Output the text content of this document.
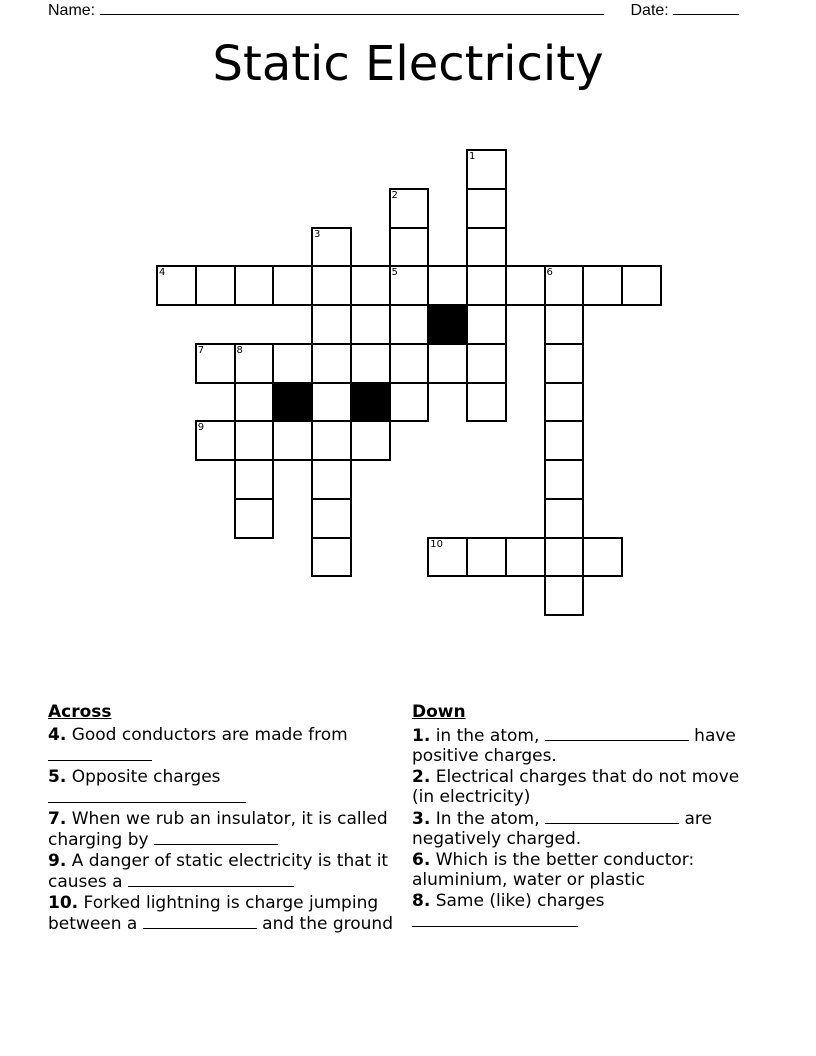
Name:	Date:
Static Electricity
1
2
3
4	5	6
7	8
9
10
Across
4. Good conductors are made from

5. Opposite charges

7. When we rub an insulator, it is called charging by
9. A danger of static electricity is that it causes a
10. Forked lightning is charge jumping between a	and the ground
Down
1. in the atom,	have positive charges.
2. Electrical charges that do not move (in electricity)
3. In the atom,	are negatively charged.
6. Which is the better conductor: aluminium, water or plastic
8. Same (like) charges
